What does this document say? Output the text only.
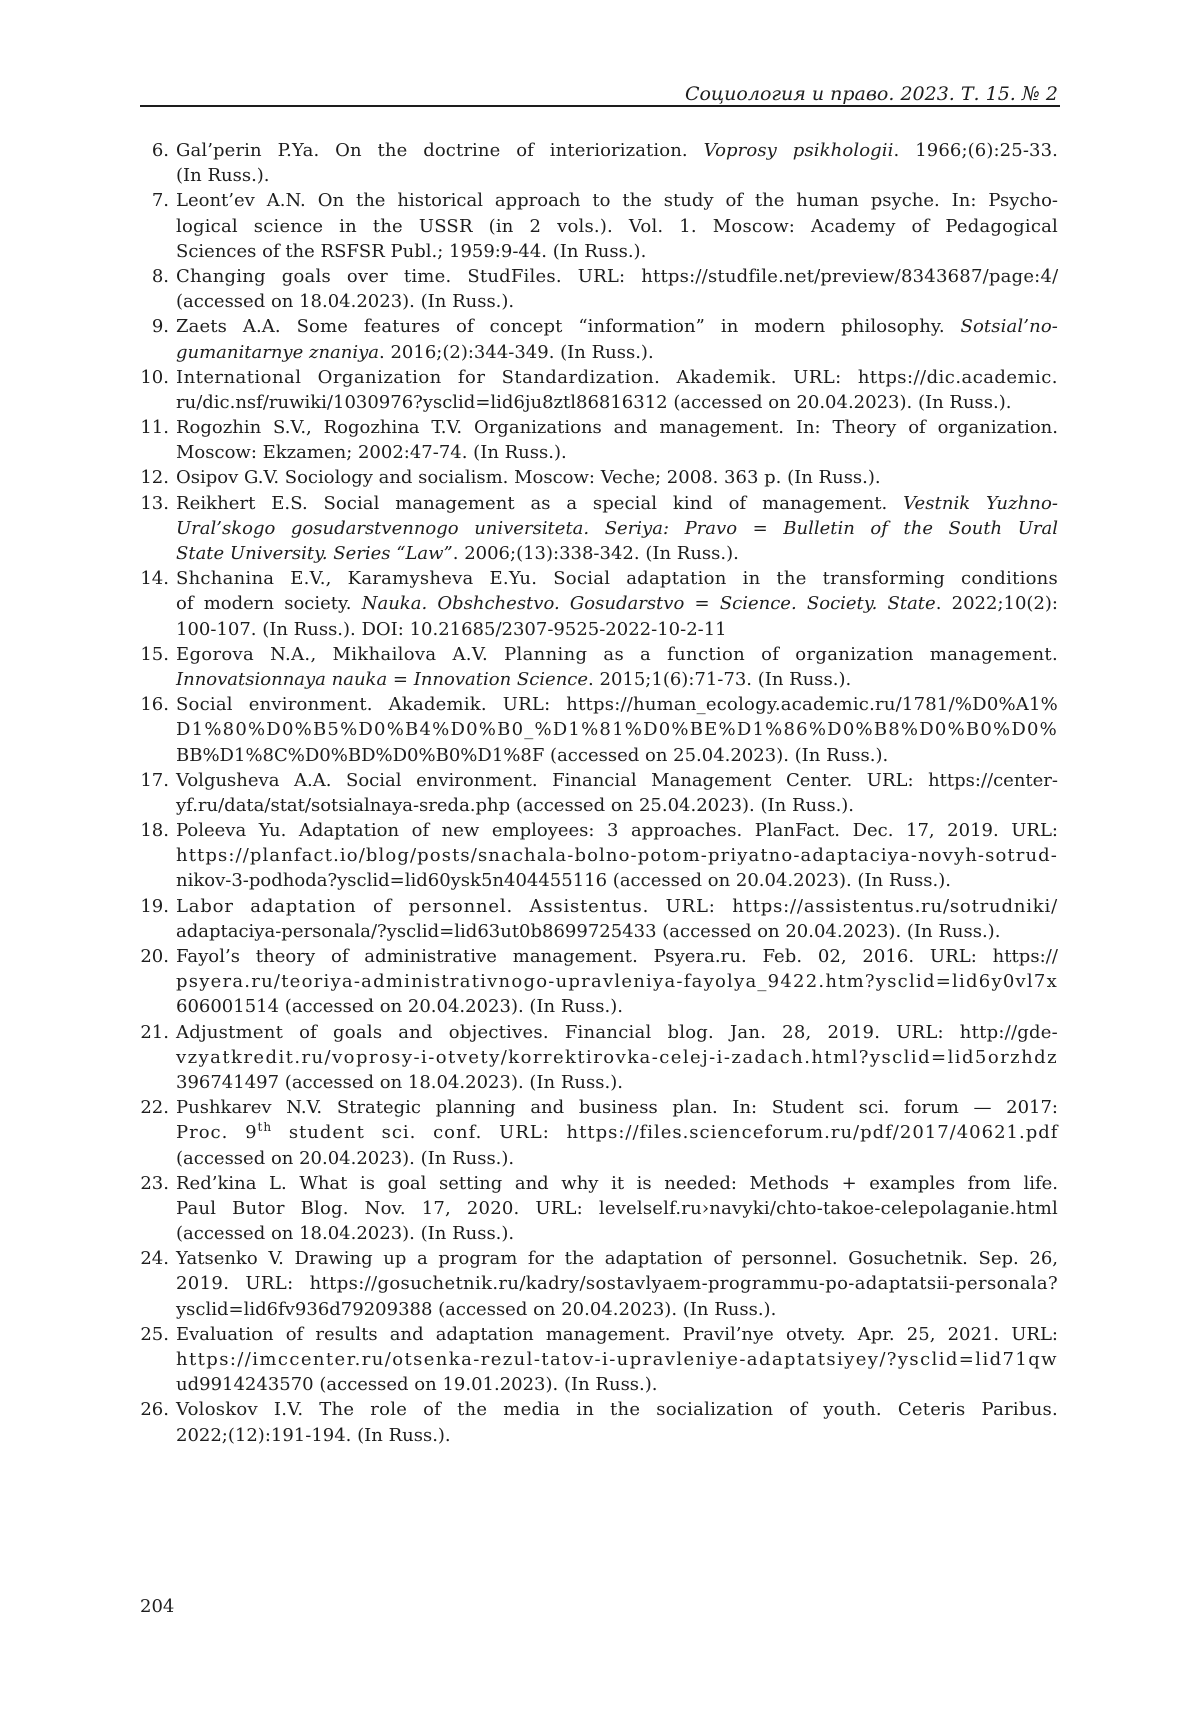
Социология и право. 2023. Т. 15. № 2
6. Gal’perin P.Ya. On the doctrine of interiorization. Voprosy psikhologii. 1966;(6):25-33.
(In Russ.).
7. Leont’ev A.N. On the historical approach to the study of the human psyche. In: Psycho-
logical science in the USSR (in 2 vols.). Vol. 1. Moscow: Academy of Pedagogical
Sciences of the RSFSR Publ.; 1959:9-44. (In Russ.).
8. Changing goals over time. StudFiles. URL: https://studfile.net/preview/8343687/page:4/
(accessed on 18.04.2023). (In Russ.).
9. Zaets A.A. Some features of concept “information” in modern philosophy. Sotsial’no-
gumanitarnye znaniya. 2016;(2):344-349. (In Russ.).
10. International Organization for Standardization. Akademik. URL: https://dic.academic.
ru/dic.nsf/ruwiki/1030976?ysclid=lid6ju8ztl86816312 (accessed on 20.04.2023). (In Russ.).
11. Rogozhin S.V., Rogozhina T.V. Organizations and management. In: Theory of organization.
Moscow: Ekzamen; 2002:47-74. (In Russ.).
12. Osipov G.V. Sociology and socialism. Moscow: Veche; 2008. 363 p. (In Russ.).
13. Reikhert E.S. Social management as a special kind of management. Vestnik Yuzhno-
Ural’skogo gosudarstvennogo universiteta. Seriya: Pravo = Bulletin of the South Ural
State University. Series “Law”. 2006;(13):338-342. (In Russ.).
14. Shchanina E.V., Karamysheva E.Yu. Social adaptation in the transforming conditions
of modern society. Nauka. Obshchestvo. Gosudarstvo = Science. Society. State. 2022;10(2):
100-107. (In Russ.). DOI: 10.21685/2307-9525-2022-10-2-11
15. Egorova N.A., Mikhailova A.V. Planning as a function of organization management.
Innovatsionnaya nauka = Innovation Science. 2015;1(6):71-73. (In Russ.).
16. Social environment. Akademik. URL: https://human_ecology.academic.ru/1781/%D0%A1%
D1%80%D0%B5%D0%B4%D0%B0_%D1%81%D0%BE%D1%86%D0%B8%D0%B0%D0%
BB%D1%8C%D0%BD%D0%B0%D1%8F (accessed on 25.04.2023). (In Russ.).
17. Volgusheva A.A. Social environment. Financial Management Center. URL: https://center-
yf.ru/data/stat/sotsialnaya-sreda.php (accessed on 25.04.2023). (In Russ.).
18. Poleeva Yu. Adaptation of new employees: 3 approaches. PlanFact. Dec. 17, 2019. URL:
https://planfact.io/blog/posts/snachala-bolno-potom-priyatno-adaptaciya-novyh-sotrud-
nikov-3-podhoda?ysclid=lid60ysk5n404455116 (accessed on 20.04.2023). (In Russ.).
19. Labor adaptation of personnel. Assistentus. URL: https://assistentus.ru/sotrudniki/
adaptaciya-personala/?ysclid=lid63ut0b8699725433 (accessed on 20.04.2023). (In Russ.).
20. Fayol’s theory of administrative management. Psyera.ru. Feb. 02, 2016. URL: https://
psyera.ru/teoriya-administrativnogo-upravleniya-fayolya_9422.htm?ysclid=lid6y0vl7x
606001514 (accessed on 20.04.2023). (In Russ.).
21. Adjustment of goals and objectives. Financial blog. Jan. 28, 2019. URL: http://gde-
vzyatkredit.ru/voprosy-i-otvety/korrektirovka-celej-i-zadach.html?ysclid=lid5orzhdz
396741497 (accessed on 18.04.2023). (In Russ.).
22. Pushkarev N.V. Strategic planning and business plan. In: Student sci. forum — 2017:
Proc. 9th student sci. conf. URL: https://files.scienceforum.ru/pdf/2017/40621.pdf
(accessed on 20.04.2023). (In Russ.).
23. Red’kina L. What is goal setting and why it is needed: Methods + examples from life.
Paul Butor Blog. Nov. 17, 2020. URL: levelself.ru›navyki/chto-takoe-celepolaganie.html
(accessed on 18.04.2023). (In Russ.).
24. Yatsenko V. Drawing up a program for the adaptation of personnel. Gosuchetnik. Sep. 26,
2019. URL: https://gosuchetnik.ru/kadry/sostavlyaem-programmu-po-adaptatsii-personala?
ysclid=lid6fv936d79209388 (accessed on 20.04.2023). (In Russ.).
25. Evaluation of results and adaptation management. Pravil’nye otvety. Apr. 25, 2021. URL:
https://imccenter.ru/otsenka-rezul-tatov-i-upravleniye-adaptatsiyey/?ysclid=lid71qw
ud9914243570 (accessed on 19.01.2023). (In Russ.).
26. Voloskov I.V. The role of the media in the socialization of youth. Ceteris Paribus.
2022;(12):191-194. (In Russ.).
204
